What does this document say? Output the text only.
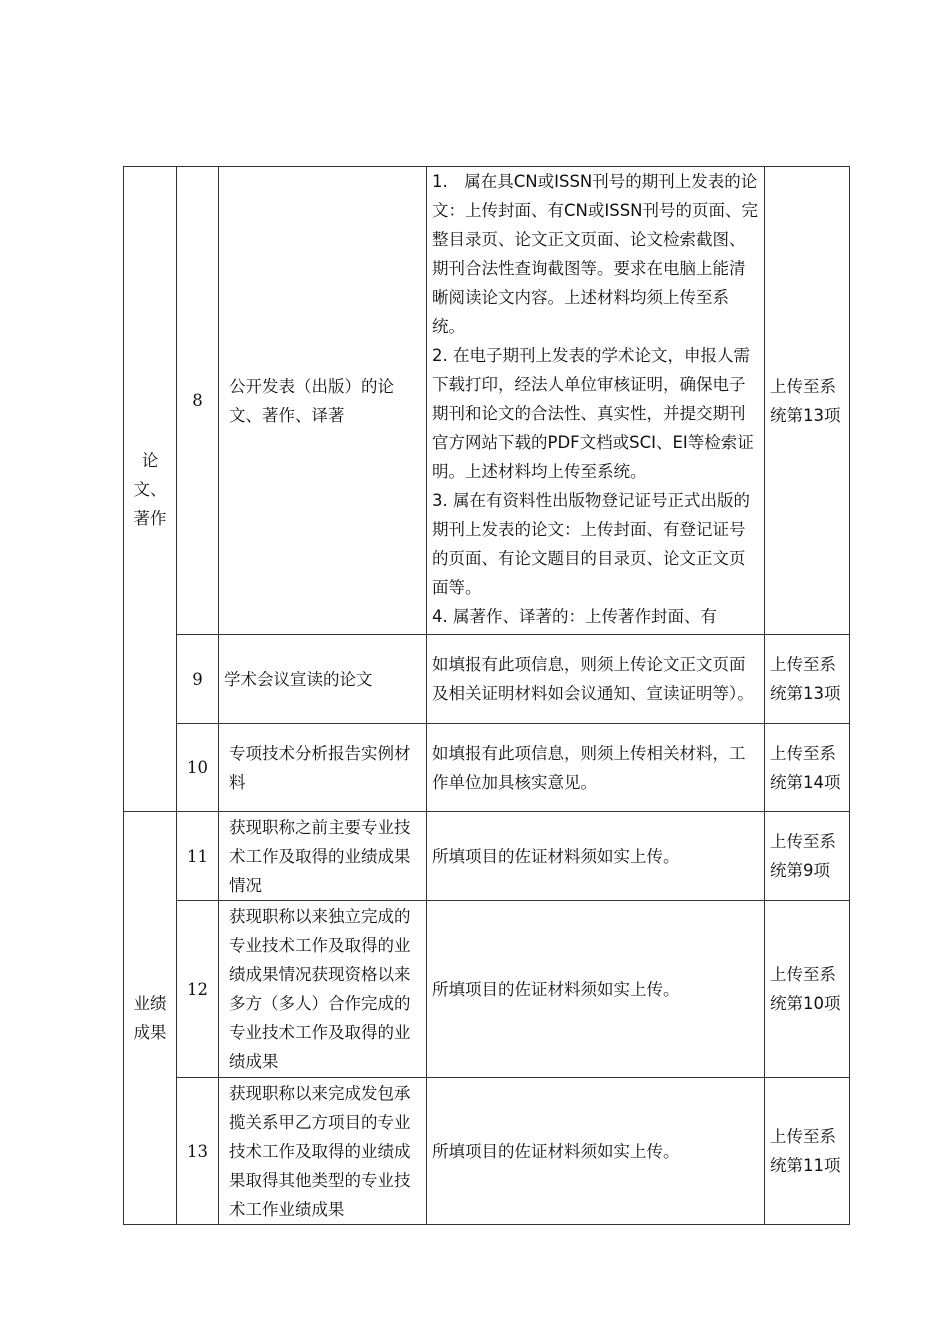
论文、著作	8	公开发表（出版）的论文、著作、译著	1.　属在具CN或ISSN刊号的期刊上发表的论文：上传封面、有CN或ISSN刊号的页面、完整目录页、论文正文页面、论文检索截图、期刊合法性查询截图等。要求在电脑上能清晰阅读论文内容。上述材料均须上传至系统。
2. 在电子期刊上发表的学术论文，申报人需下载打印，经法人单位审核证明，确保电子期刊和论文的合法性、真实性，并提交期刊官方网站下载的PDF文档或SCI、EI等检索证明。上述材料均上传至系统。
3. 属在有资料性出版物登记证号正式出版的期刊上发表的论文：上传封面、有登记证号的页面、有论文题目的目录页、论文正文页面等。
4. 属著作、译著的：上传著作封面、有	上传至系统第13项
	9	学术会议宣读的论文	如填报有此项信息，则须上传论文正文页面及相关证明材料如会议通知、宣读证明等）。	上传至系统第13项
	10	专项技术分析报告实例材料	如填报有此项信息，则须上传相关材料，工作单位加具核实意见。	上传至系统第14项
业绩成果	11	获现职称之前主要专业技术工作及取得的业绩成果情况	所填项目的佐证材料须如实上传。	上传至系统第9项
	12	获现职称以来独立完成的专业技术工作及取得的业绩成果情况获现资格以来多方（多人）合作完成的专业技术工作及取得的业绩成果	所填项目的佐证材料须如实上传。	上传至系统第10项
	13	获现职称以来完成发包承揽关系甲乙方项目的专业技术工作及取得的业绩成果取得其他类型的专业技术工作业绩成果	所填项目的佐证材料须如实上传。	上传至系统第11项
